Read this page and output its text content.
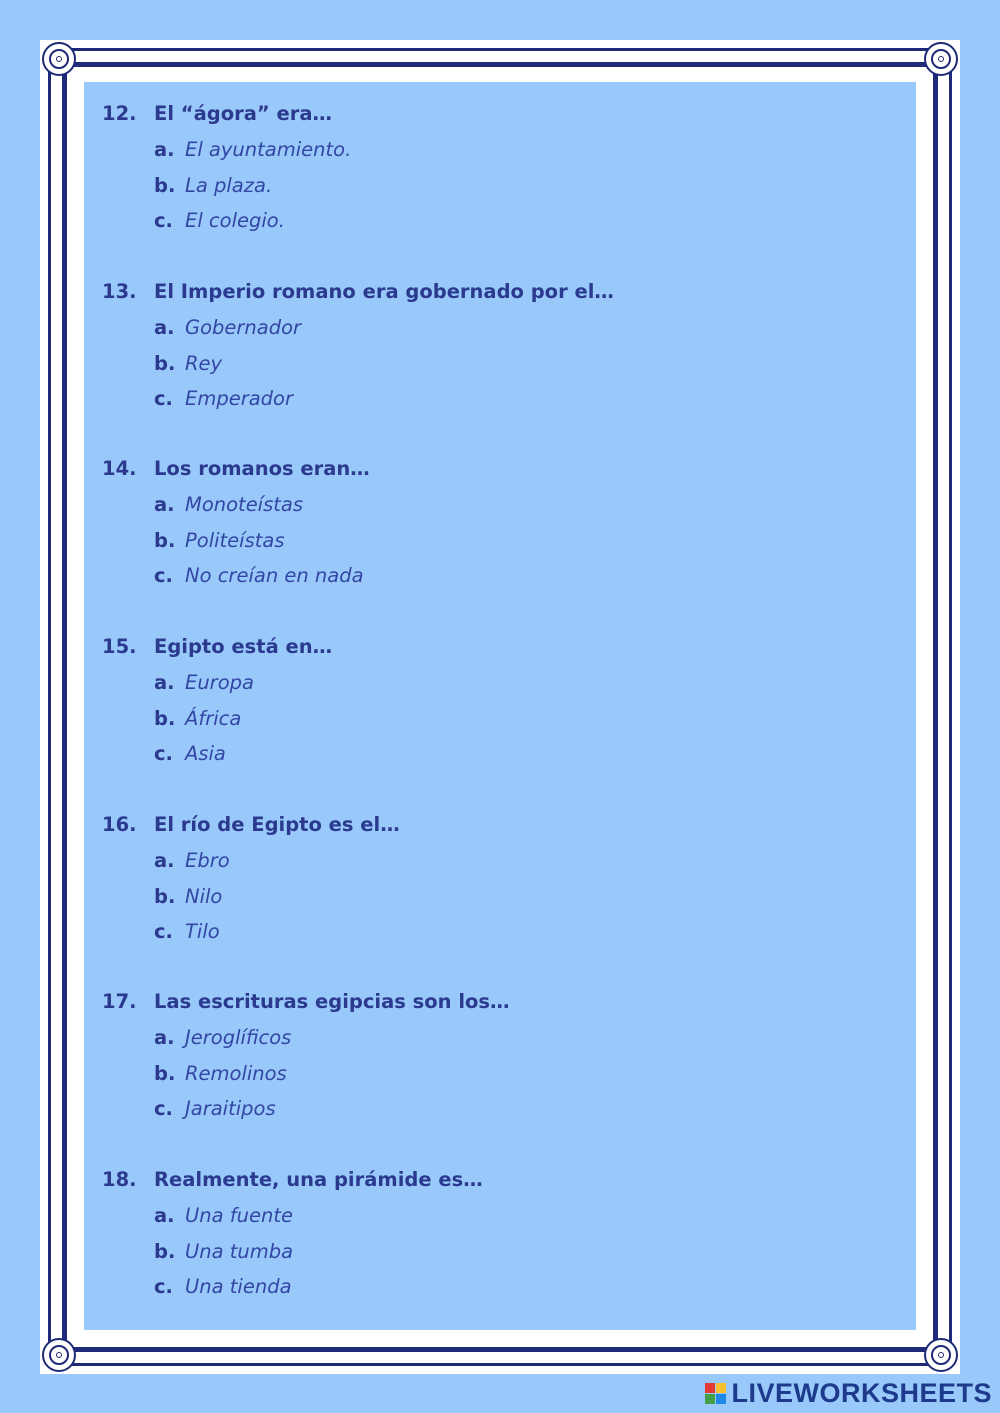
12. El “ágora” era…
a. El ayuntamiento.
b. La plaza.
c. El colegio.
13. El Imperio romano era gobernado por el…
a. Gobernador
b. Rey
c. Emperador
14. Los romanos eran…
a. Monoteístas
b. Politeístas
c. No creían en nada
15. Egipto está en…
a. Europa
b. África
c. Asia
16. El río de Egipto es el…
a. Ebro
b. Nilo
c. Tilo
17. Las escrituras egipcias son los…
a. Jeroglíficos
b. Remolinos
c. Jaraitipos
18. Realmente, una pirámide es…
a. Una fuente
b. Una tumba
c. Una tienda
LIVEWORKSHEETS
